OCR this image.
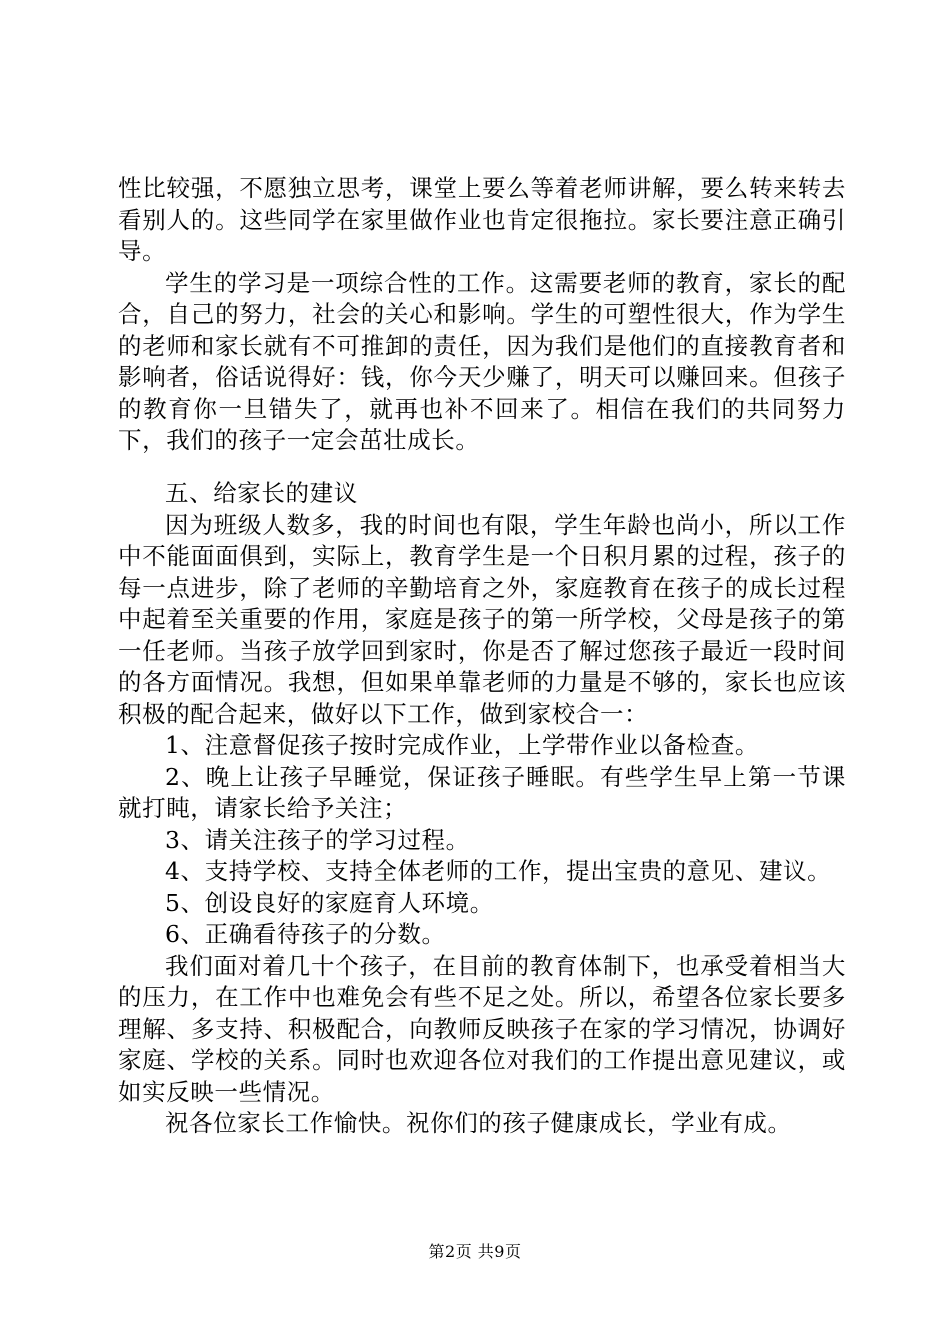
性比较强，不愿独立思考，课堂上要么等着老师讲解，要么转来转去看别人的。这些同学在家里做作业也肯定很拖拉。家长要注意正确引导。

学生的学习是一项综合性的工作。这需要老师的教育，家长的配合，自己的努力，社会的关心和影响。学生的可塑性很大，作为学生的老师和家长就有不可推卸的责任，因为我们是他们的直接教育者和影响者，俗话说得好：钱，你今天少赚了，明天可以赚回来。但孩子的教育你一旦错失了，就再也补不回来了。相信在我们的共同努力下，我们的孩子一定会茁壮成长。

五、给家长的建议

因为班级人数多，我的时间也有限，学生年龄也尚小，所以工作中不能面面俱到，实际上，教育学生是一个日积月累的过程，孩子的每一点进步，除了老师的辛勤培育之外，家庭教育在孩子的成长过程中起着至关重要的作用，家庭是孩子的第一所学校，父母是孩子的第一任老师。当孩子放学回到家时，你是否了解过您孩子最近一段时间的各方面情况。我想，但如果单靠老师的力量是不够的，家长也应该积极的配合起来，做好以下工作，做到家校合一：

1、注意督促孩子按时完成作业，上学带作业以备检查。

2、晚上让孩子早睡觉，保证孩子睡眠。有些学生早上第一节课就打盹，请家长给予关注；

3、请关注孩子的学习过程。

4、支持学校、支持全体老师的工作，提出宝贵的意见、建议。

5、创设良好的家庭育人环境。

6、正确看待孩子的分数。

我们面对着几十个孩子，在目前的教育体制下，也承受着相当大的压力，在工作中也难免会有些不足之处。所以，希望各位家长要多理解、多支持、积极配合，向教师反映孩子在家的学习情况，协调好家庭、学校的关系。同时也欢迎各位对我们的工作提出意见建议，或如实反映一些情况。

祝各位家长工作愉快。祝你们的孩子健康成长，学业有成。

第2页 共9页
